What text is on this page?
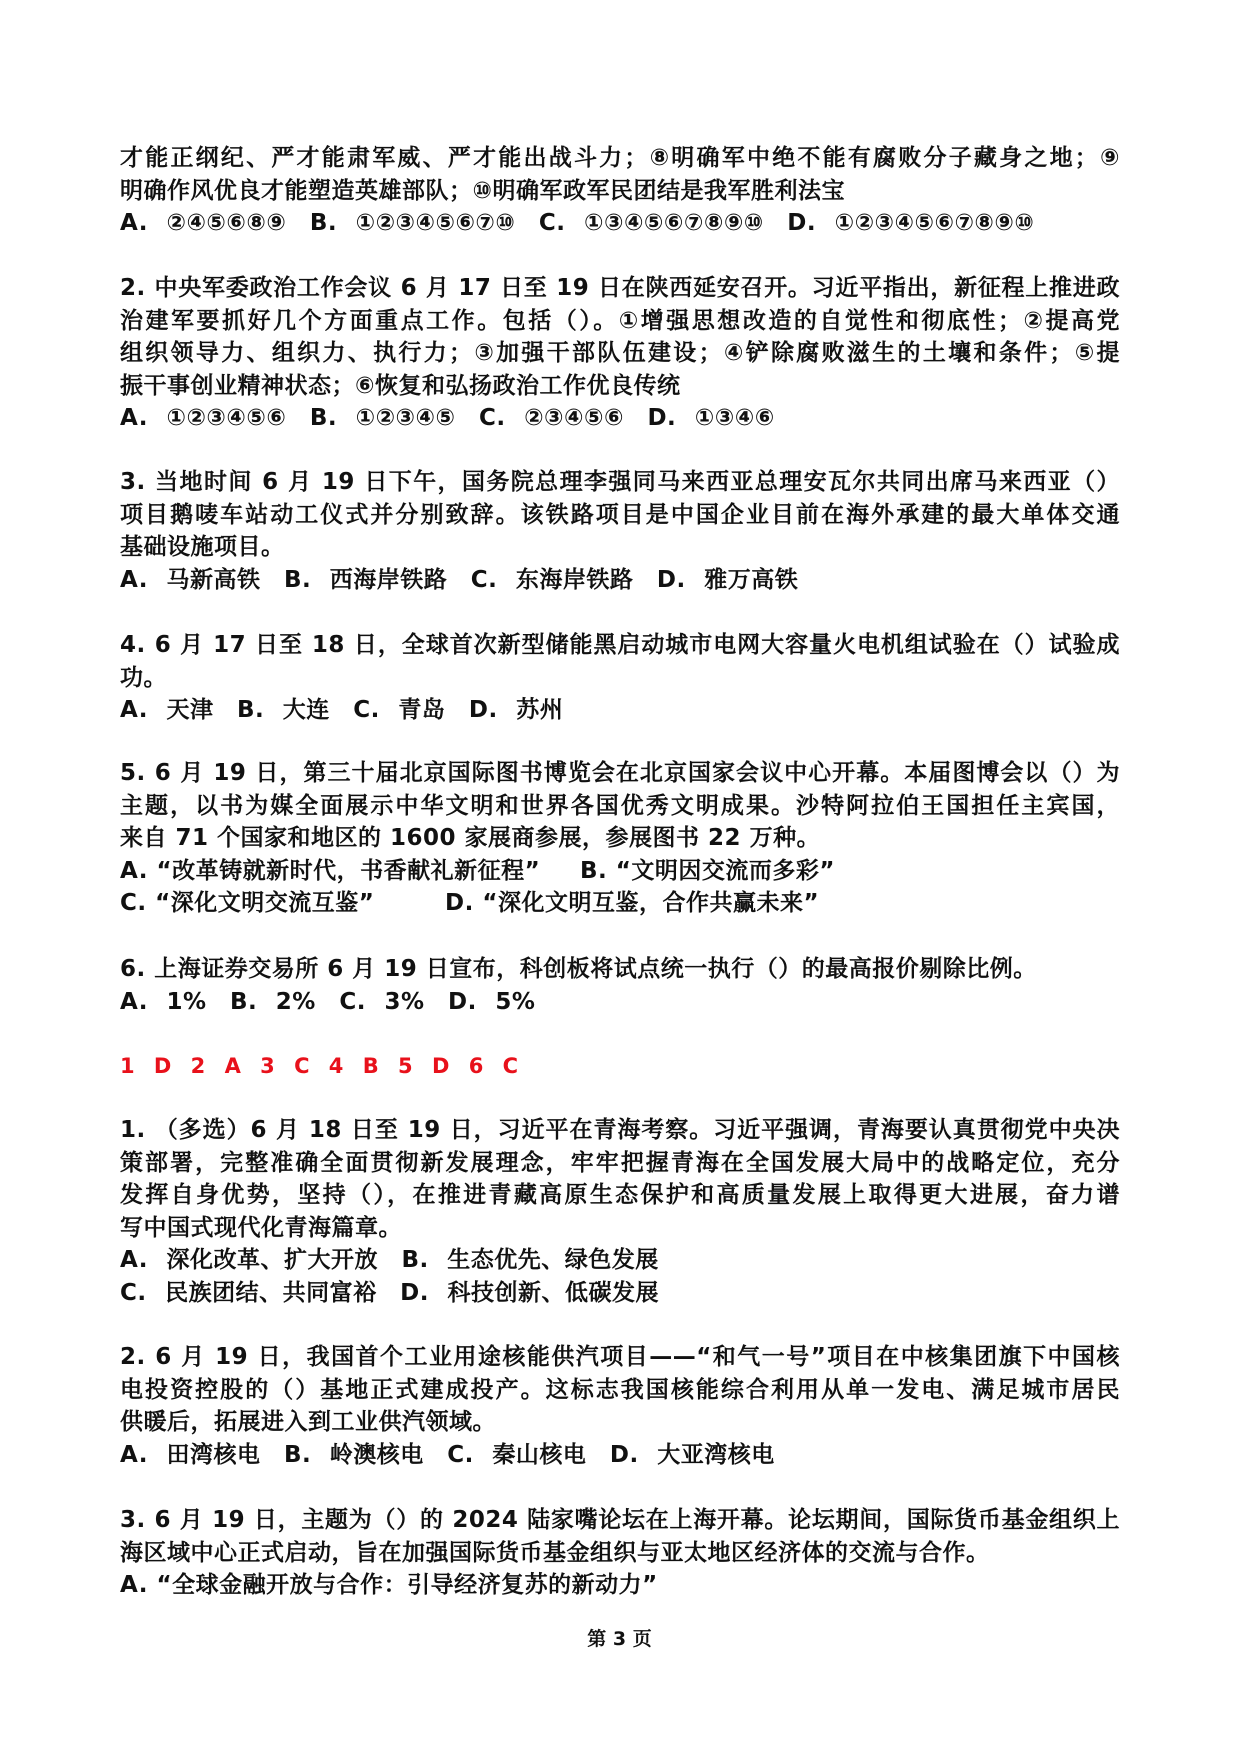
才能正纲纪、严才能肃军威、严才能出战斗力；⑧明确军中绝不能有腐败分子藏身之地；⑨
明确作风优良才能塑造英雄部队；⑩明确军政军民团结是我军胜利法宝
A. ②④⑤⑥⑧⑨　B. ①②③④⑤⑥⑦⑩　C. ①③④⑤⑥⑦⑧⑨⑩　D. ①②③④⑤⑥⑦⑧⑨⑩
2. 中央军委政治工作会议 6 月 17 日至 19 日在陕西延安召开。习近平指出，新征程上推进政
治建军要抓好几个方面重点工作。包括（）。①增强思想改造的自觉性和彻底性；②提高党
组织领导力、组织力、执行力；③加强干部队伍建设；④铲除腐败滋生的土壤和条件；⑤提
振干事创业精神状态；⑥恢复和弘扬政治工作优良传统
A. ①②③④⑤⑥　B. ①②③④⑤　C. ②③④⑤⑥　D. ①③④⑥
3. 当地时间 6 月 19 日下午，国务院总理李强同马来西亚总理安瓦尔共同出席马来西亚（）
项目鹅唛车站动工仪式并分别致辞。该铁路项目是中国企业目前在海外承建的最大单体交通
基础设施项目。
A. 马新高铁　B. 西海岸铁路　C. 东海岸铁路　D. 雅万高铁
4. 6 月 17 日至 18 日，全球首次新型储能黑启动城市电网大容量火电机组试验在（）试验成
功。
A. 天津　B. 大连　C. 青岛　D. 苏州
5. 6 月 19 日，第三十届北京国际图书博览会在北京国家会议中心开幕。本届图博会以（）为
主题，以书为媒全面展示中华文明和世界各国优秀文明成果。沙特阿拉伯王国担任主宾国，
来自 71 个国家和地区的 1600 家展商参展，参展图书 22 万种。
A. “改革铸就新时代，书香献礼新征程” B. “文明因交流而多彩”
C. “深化文明交流互鉴”	D. “深化文明互鉴，合作共赢未来”
6. 上海证券交易所 6 月 19 日宣布，科创板将试点统一执行（）的最高报价剔除比例。
A. 1%　B. 2%　C. 3%　D. 5%
1 D 2 A 3 C 4 B 5 D 6 C
1. （多选）6 月 18 日至 19 日，习近平在青海考察。习近平强调，青海要认真贯彻党中央决
策部署，完整准确全面贯彻新发展理念，牢牢把握青海在全国发展大局中的战略定位，充分
发挥自身优势，坚持（），在推进青藏高原生态保护和高质量发展上取得更大进展，奋力谱
写中国式现代化青海篇章。
A. 深化改革、扩大开放　B. 生态优先、绿色发展
C. 民族团结、共同富裕　D. 科技创新、低碳发展
2. 6 月 19 日，我国首个工业用途核能供汽项目——“和气一号”项目在中核集团旗下中国核
电投资控股的（）基地正式建成投产。这标志我国核能综合利用从单一发电、满足城市居民
供暖后，拓展进入到工业供汽领域。
A. 田湾核电　B. 岭澳核电　C. 秦山核电　D. 大亚湾核电
3. 6 月 19 日，主题为（）的 2024 陆家嘴论坛在上海开幕。论坛期间，国际货币基金组织上
海区域中心正式启动，旨在加强国际货币基金组织与亚太地区经济体的交流与合作。
A. “全球金融开放与合作：引导经济复苏的新动力”
第 3 页
